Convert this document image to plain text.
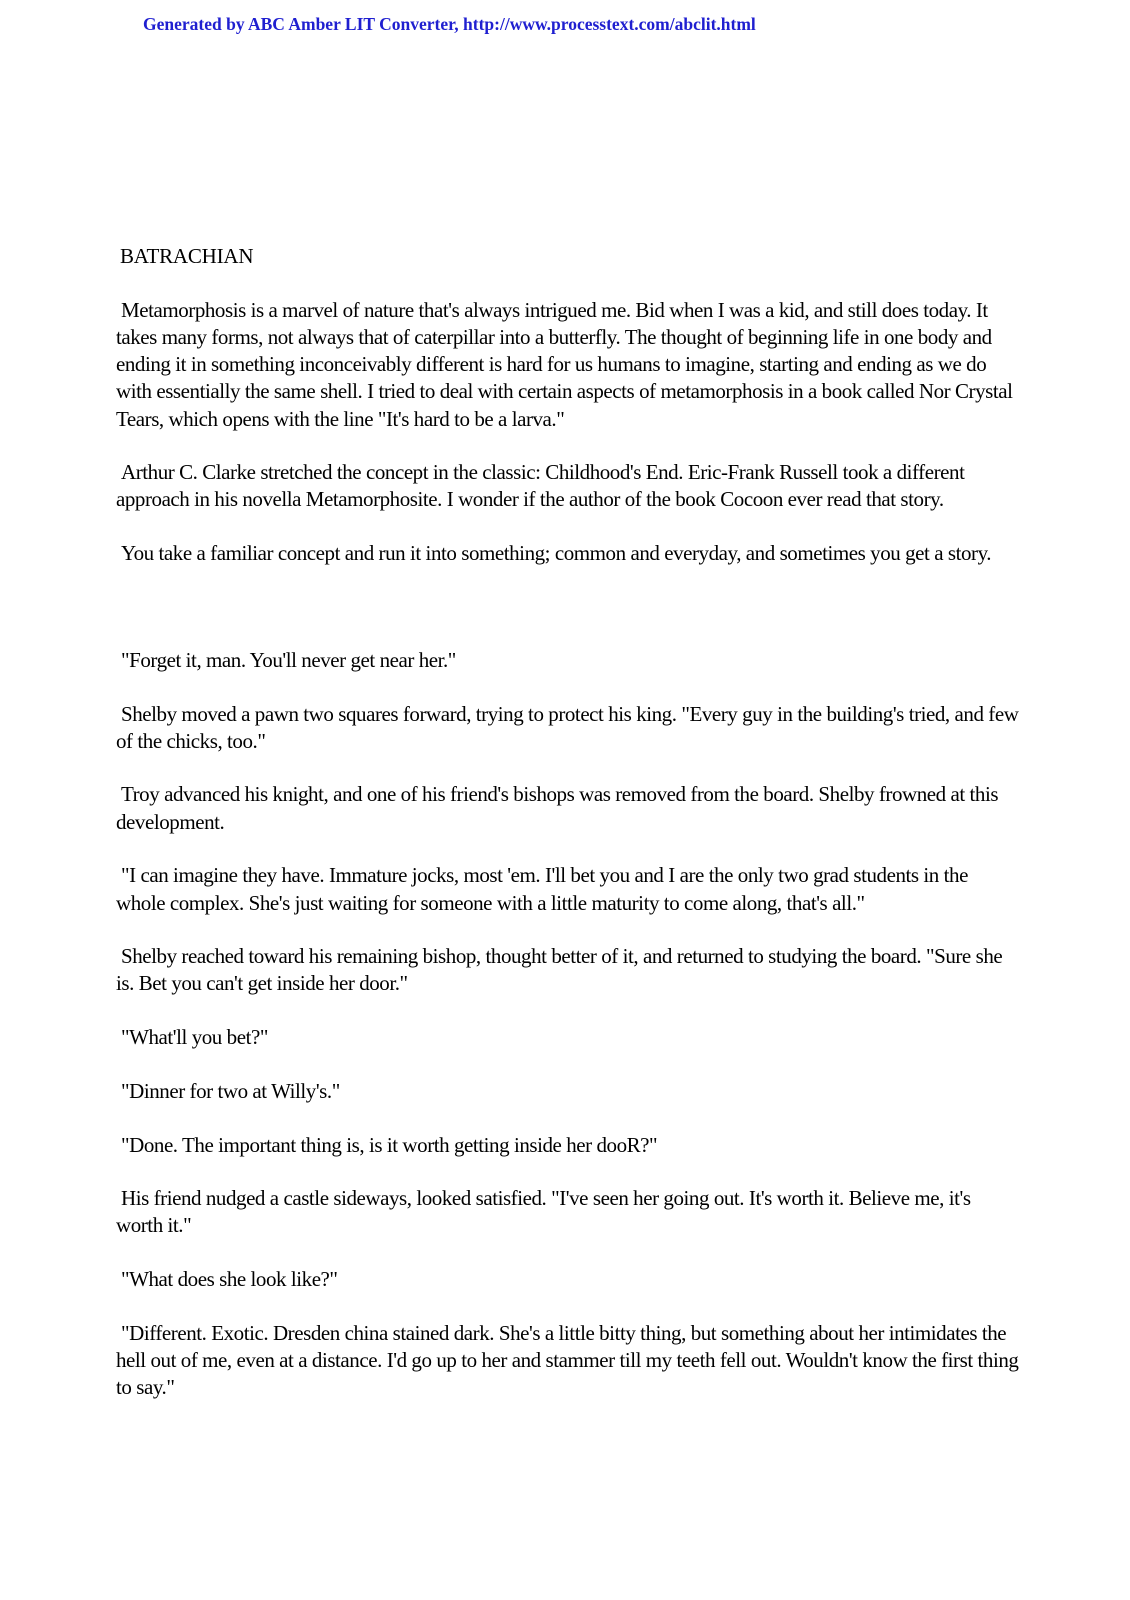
Generated by ABC Amber LIT Converter, http://www.processtext.com/abclit.html
BATRACHIAN

Metamorphosis is a marvel of nature that's always intrigued me. Bid when I was a kid, and still does today. It takes many forms, not always that of caterpillar into a butterfly. The thought of beginning life in one body and ending it in something inconceivably different is hard for us humans to imagine, starting and ending as we do with essentially the same shell. I tried to deal with certain aspects of metamorphosis in a book called Nor Crystal Tears, which opens with the line "It's hard to be a larva."

Arthur C. Clarke stretched the concept in the classic: Childhood's End. Eric-Frank Russell took a different approach in his novella Metamorphosite. I wonder if the author of the book Cocoon ever read that story.

You take a familiar concept and run it into something; common and everyday, and sometimes you get a story.

"Forget it, man. You'll never get near her."

Shelby moved a pawn two squares forward, trying to protect his king. "Every guy in the building's tried, and few of the chicks, too."

Troy advanced his knight, and one of his friend's bishops was removed from the board. Shelby frowned at this development.

"I can imagine they have. Immature jocks, most 'em. I'll bet you and I are the only two grad students in the whole complex. She's just waiting for someone with a little maturity to come along, that's all."

Shelby reached toward his remaining bishop, thought better of it, and returned to studying the board. "Sure she is. Bet you can't get inside her door."

"What'll you bet?"

"Dinner for two at Willy's."

"Done. The important thing is, is it worth getting inside her dooR?"

His friend nudged a castle sideways, looked satisfied. "I've seen her going out. It's worth it. Believe me, it's worth it."

"What does she look like?"

"Different. Exotic. Dresden china stained dark. She's a little bitty thing, but something about her intimidates the hell out of me, even at a distance. I'd go up to her and stammer till my teeth fell out. Wouldn't know the first thing to say."
